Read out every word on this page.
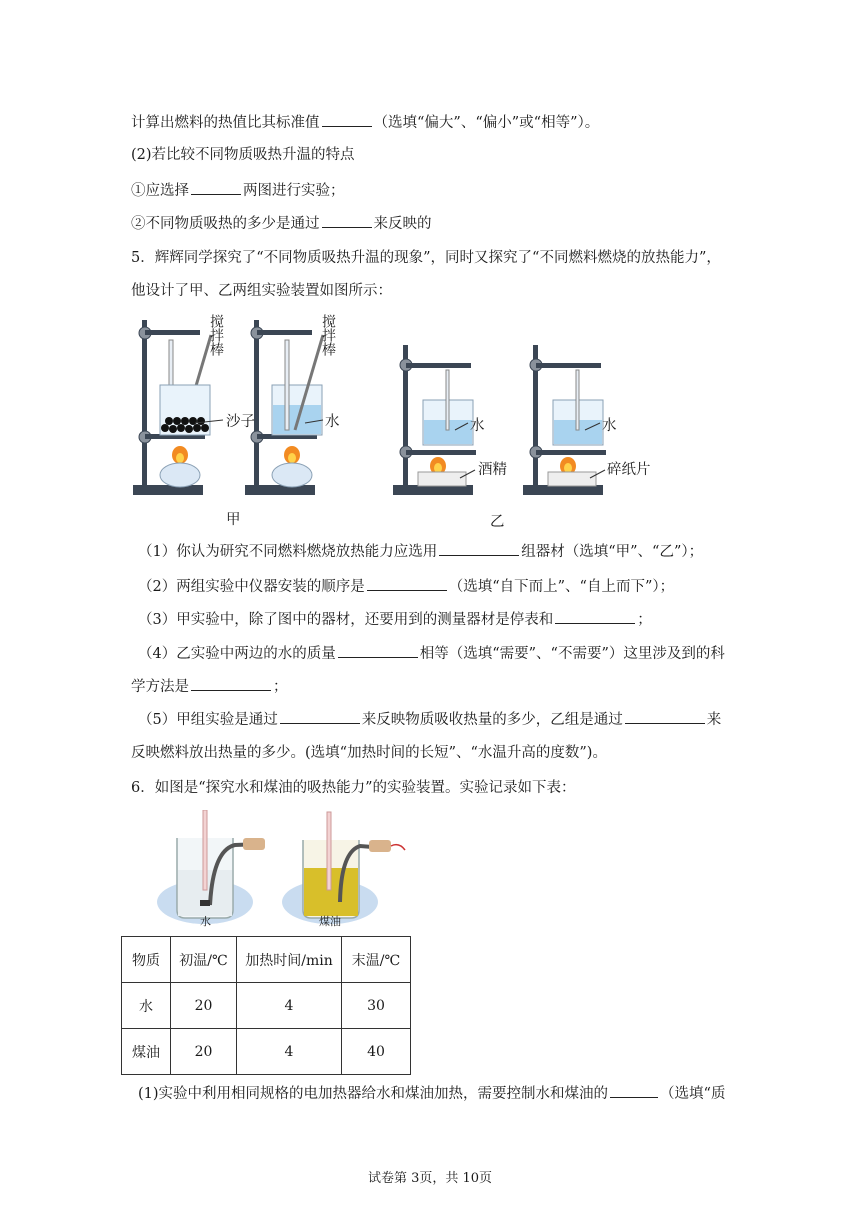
计算出燃料的热值比其标准值	（选填“偏大”、“偏小”或“相等”）。
(2)若比较不同物质吸热升温的特点
①应选择	两图进行实验；
②不同物质吸热的多少是通过	来反映的
5．辉辉同学探究了“不同物质吸热升温的现象”，同时又探究了“不同燃料燃烧的放热能力”，
他设计了甲、乙两组实验装置如图所示：
搅拌棒	搅拌棒
沙子	水	水
酒精
水
碎纸片
甲	乙
（1）你认为研究不同燃料燃烧放热能力应选用	组器材（选填“甲”、“乙”）；
（2）两组实验中仪器安装的顺序是	（选填“自下而上”、“自上而下”）；
（3）甲实验中，除了图中的器材，还要用到的测量器材是停表和	；
（4）乙实验中两边的水的质量	相等（选填“需要”、“不需要”）这里涉及到的科
学方法是	；
（5）甲组实验是通过	来反映物质吸收热量的多少，乙组是通过	来
反映燃料放出热量的多少。(选填“加热时间的长短”、“水温升高的度数”)。
6．如图是“探究水和煤油的吸热能力”的实验装置。实验记录如下表：
水	煤油
物质	初温/℃	加热时间/min	末温/℃
水	20	4	30
煤油	20	4	40
(1)实验中利用相同规格的电加热器给水和煤油加热，需要控制水和煤油的	（选填“质
试卷第 3页，共 10页
